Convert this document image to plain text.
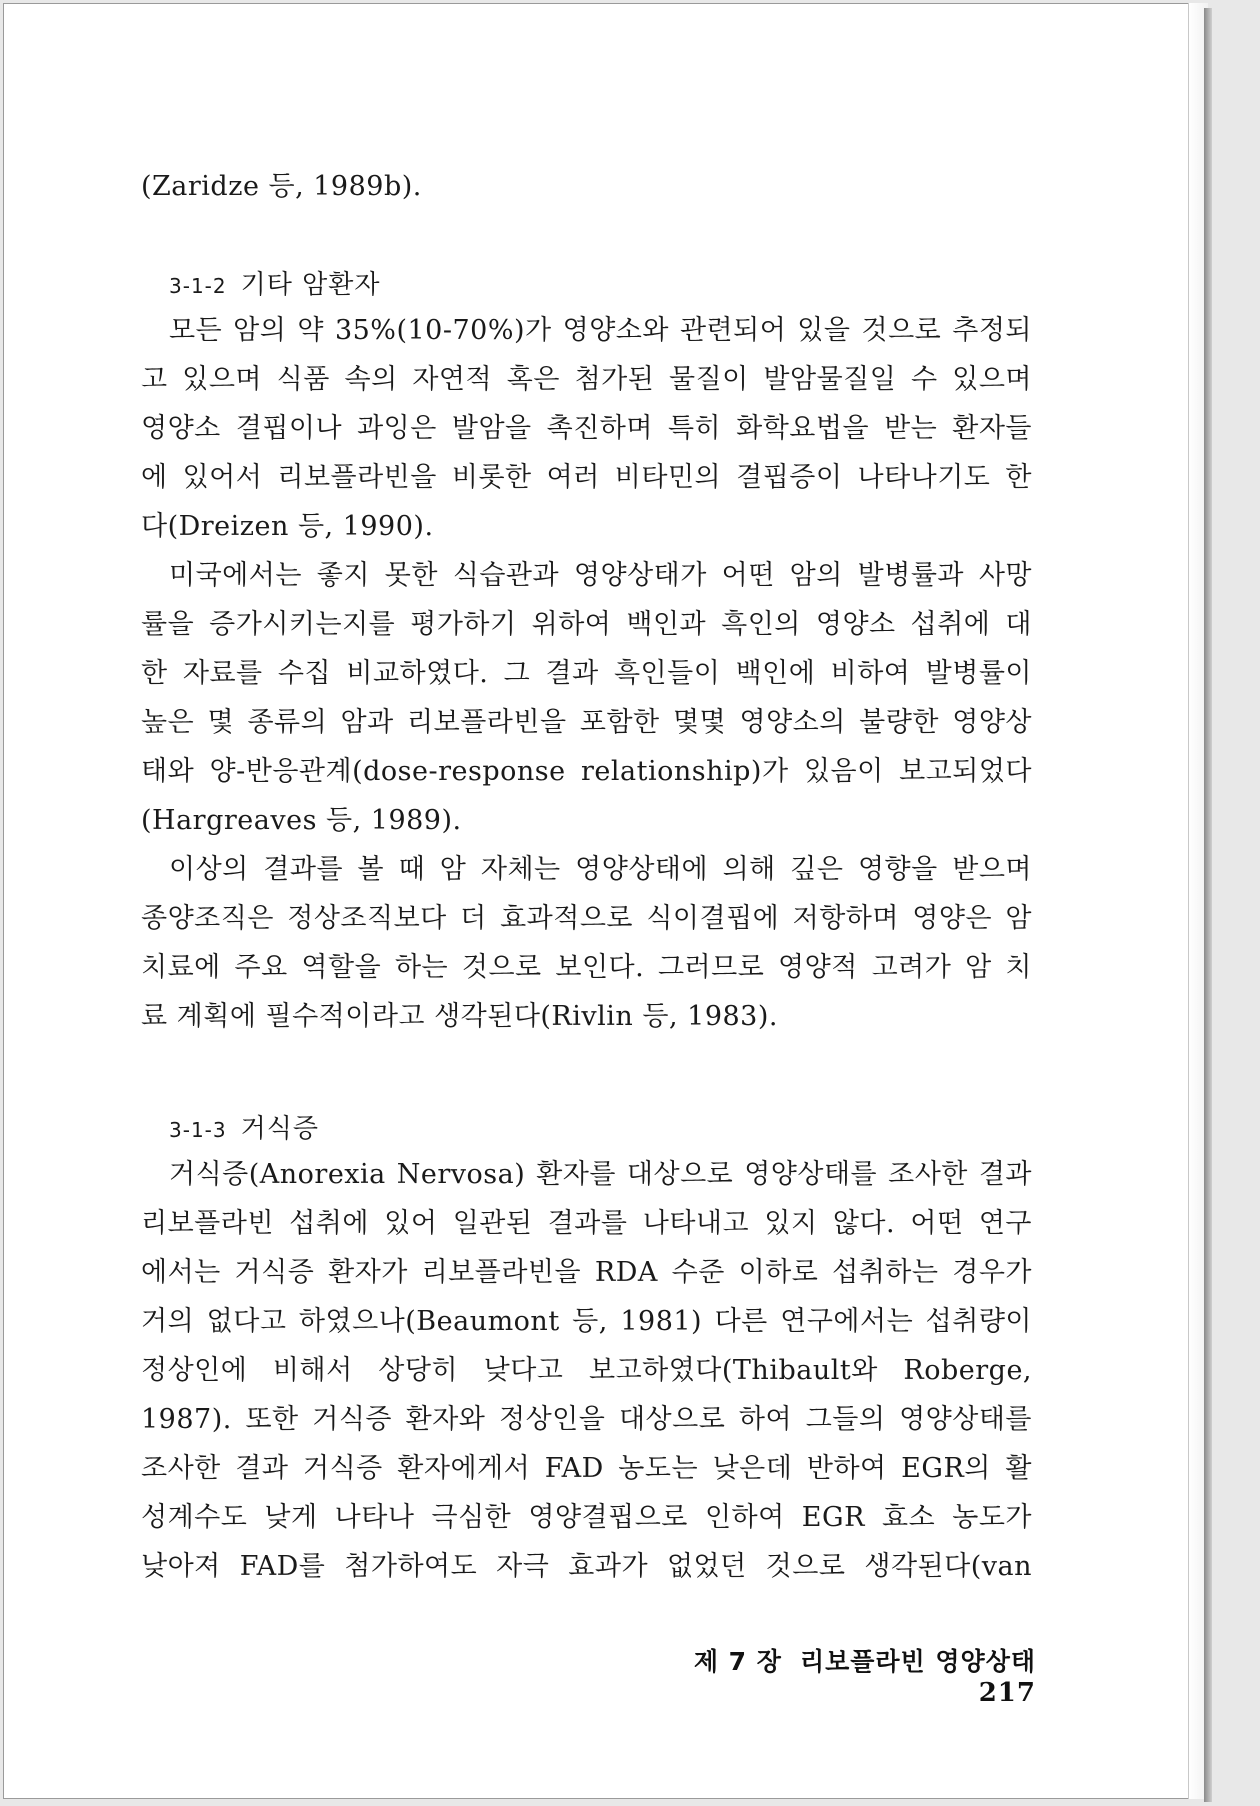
(Zaridze 등, 1989b).

3-1-2 기타 암환자

모든 암의 약 35%(10-70%)가 영양소와 관련되어 있을 것으로 추정되
고 있으며 식품 속의 자연적 혹은 첨가된 물질이 발암물질일 수 있으며
영양소 결핍이나 과잉은 발암을 촉진하며 특히 화학요법을 받는 환자들
에 있어서 리보플라빈을 비롯한 여러 비타민의 결핍증이 나타나기도 한
다(Dreizen 등, 1990).

미국에서는 좋지 못한 식습관과 영양상태가 어떤 암의 발병률과 사망
률을 증가시키는지를 평가하기 위하여 백인과 흑인의 영양소 섭취에 대
한 자료를 수집 비교하였다. 그 결과 흑인들이 백인에 비하여 발병률이
높은 몇 종류의 암과 리보플라빈을 포함한 몇몇 영양소의 불량한 영양상
태와 양-반응관계(dose-response relationship)가 있음이 보고되었다
(Hargreaves 등, 1989).

이상의 결과를 볼 때 암 자체는 영양상태에 의해 깊은 영향을 받으며
종양조직은 정상조직보다 더 효과적으로 식이결핍에 저항하며 영양은 암
치료에 주요 역할을 하는 것으로 보인다. 그러므로 영양적 고려가 암 치
료 계획에 필수적이라고 생각된다(Rivlin 등, 1983).

3-1-3 거식증

거식증(Anorexia Nervosa) 환자를 대상으로 영양상태를 조사한 결과
리보플라빈 섭취에 있어 일관된 결과를 나타내고 있지 않다. 어떤 연구
에서는 거식증 환자가 리보플라빈을 RDA 수준 이하로 섭취하는 경우가
거의 없다고 하였으나(Beaumont 등, 1981) 다른 연구에서는 섭취량이
정상인에 비해서 상당히 낮다고 보고하였다(Thibault와 Roberge,
1987). 또한 거식증 환자와 정상인을 대상으로 하여 그들의 영양상태를
조사한 결과 거식증 환자에게서 FAD 농도는 낮은데 반하여 EGR의 활
성계수도 낮게 나타나 극심한 영양결핍으로 인하여 EGR 효소 농도가
낮아져 FAD를 첨가하여도 자극 효과가 없었던 것으로 생각된다(van

제 7 장 리보플라빈 영양상태217
